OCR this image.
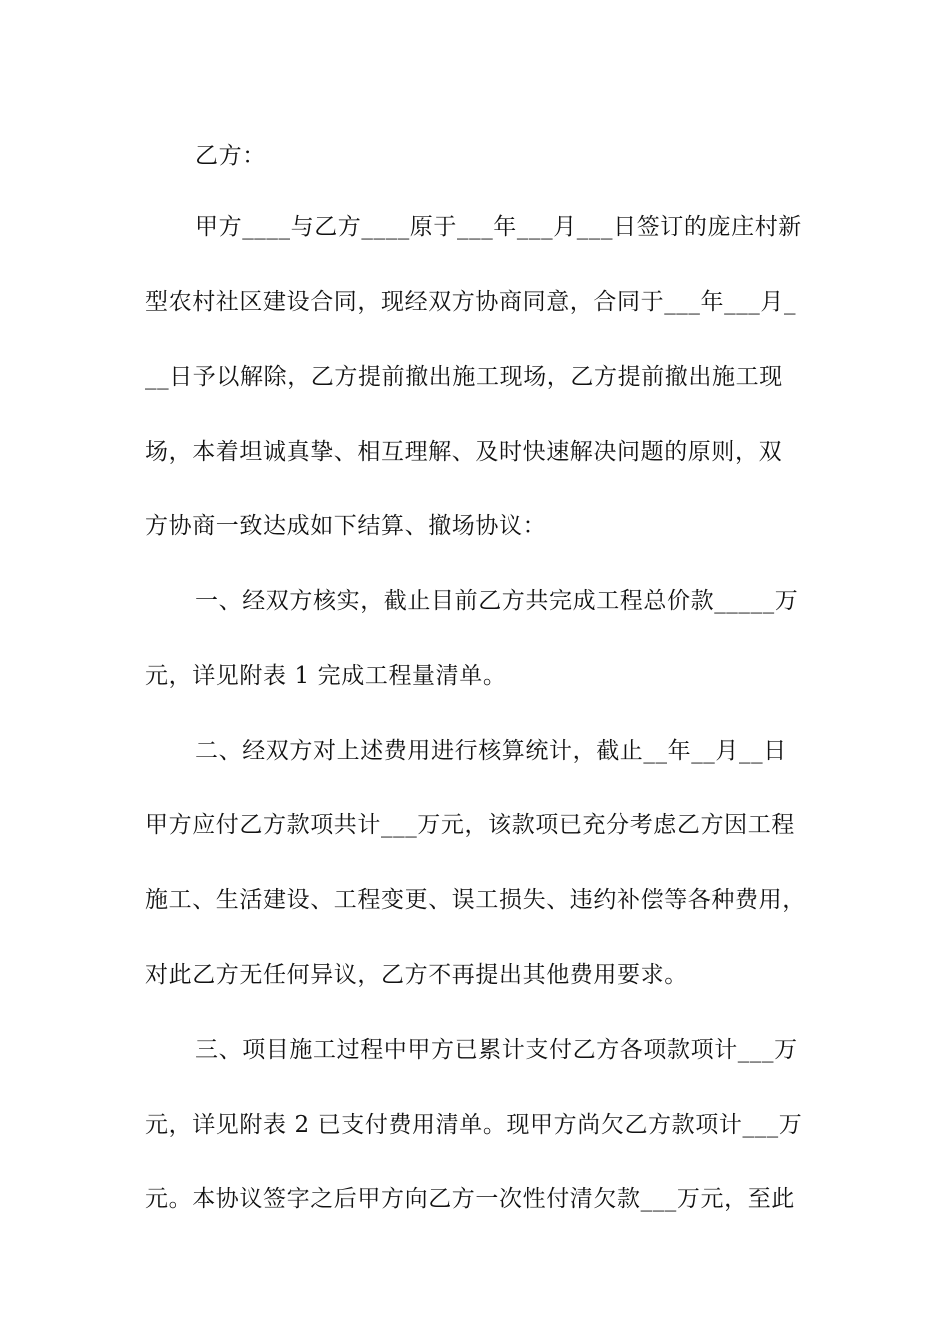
乙方：
甲方____与乙方____原于___年___月___日签订的庞庄村新
型农村社区建设合同，现经双方协商同意，合同于___年___月_
__日予以解除，乙方提前撤出施工现场，乙方提前撤出施工现
场，本着坦诚真挚、相互理解、及时快速解决问题的原则，双
方协商一致达成如下结算、撤场协议：
一、经双方核实，截止目前乙方共完成工程总价款_____万
元，详见附表 1 完成工程量清单。
二、经双方对上述费用进行核算统计，截止__年__月__日
甲方应付乙方款项共计___万元，该款项已充分考虑乙方因工程
施工、生活建设、工程变更、误工损失、违约补偿等各种费用，
对此乙方无任何异议，乙方不再提出其他费用要求。
三、项目施工过程中甲方已累计支付乙方各项款项计___万
元，详见附表 2 已支付费用清单。现甲方尚欠乙方款项计___万
元。本协议签字之后甲方向乙方一次性付清欠款___万元，至此
